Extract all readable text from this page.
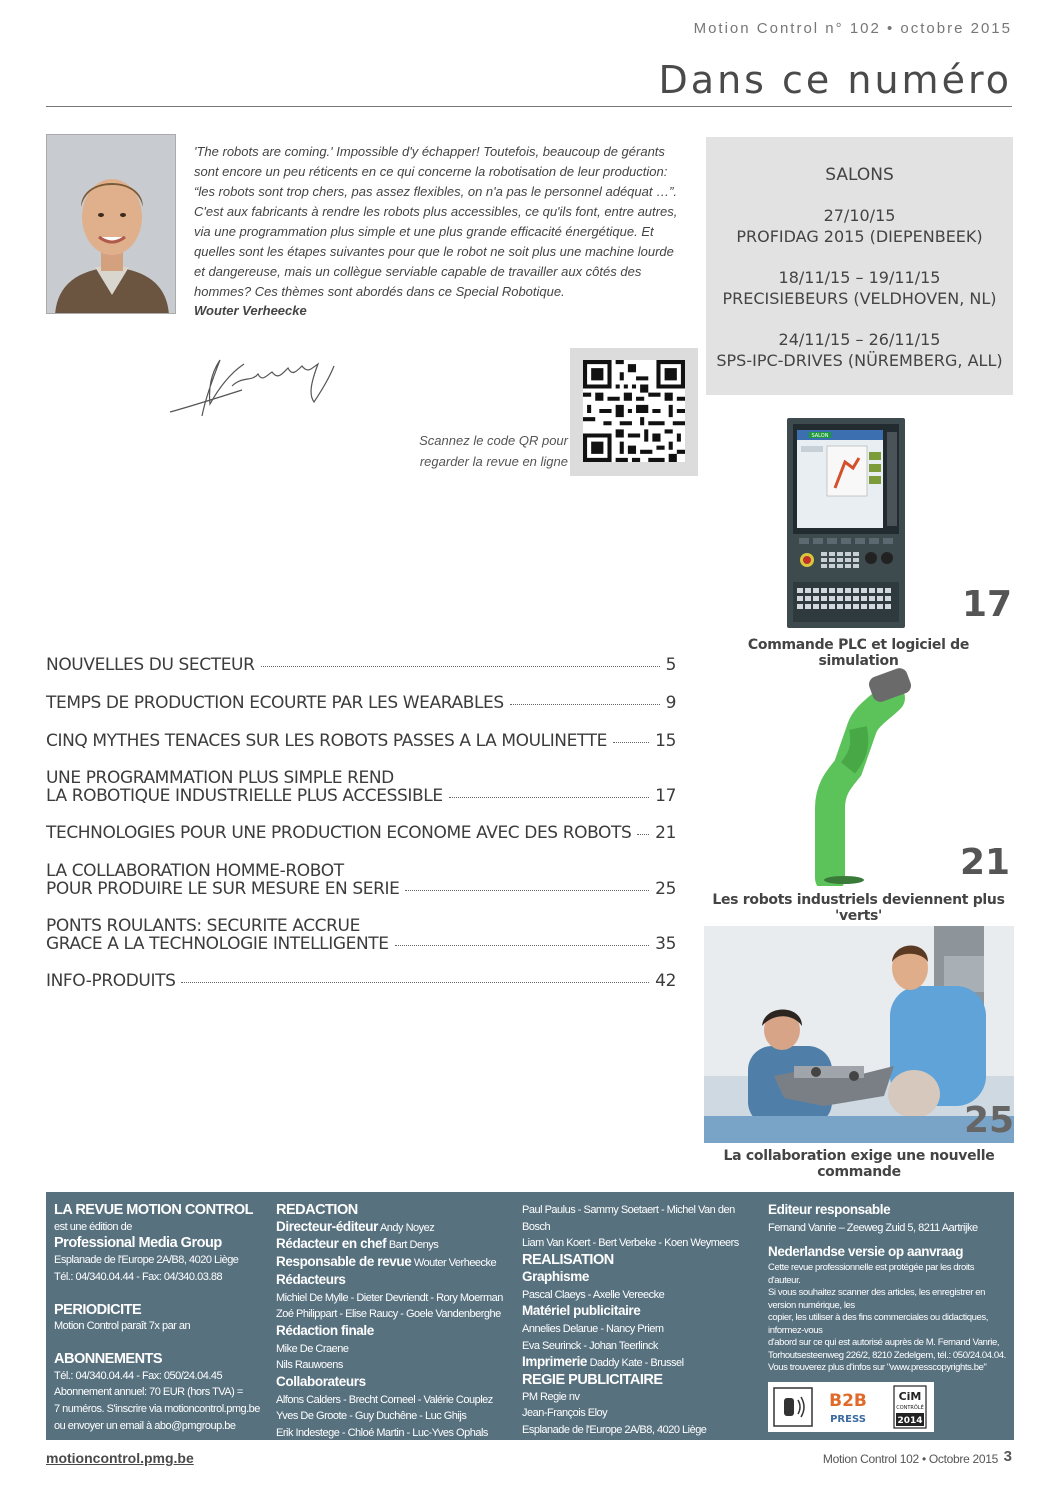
Motion Control n° 102 • octobre 2015
Dans ce numéro

'The robots are coming.' Impossible d'y échapper! Toutefois, beaucoup de gérants sont encore un peu réticents en ce qui concerne la robotisation de leur production: “les robots sont trop chers, pas assez flexibles, on n'a pas le personnel adéquat …”. C'est aux fabricants à rendre les robots plus accessibles, ce qu'ils font, entre autres, via une programmation plus simple et une plus grande efficacité énergétique. Et quelles sont les étapes suivantes pour que le robot ne soit plus une machine lourde et dangereuse, mais un collègue serviable capable de travailler aux côtés des hommes? Ces thèmes sont abordés dans ce Special Robotique.

Wouter Verheecke
Scannez le code QR pour
regarder la revue en ligne
SALONS
27/10/15
PROFIDAG 2015 (DIEPENBEEK)
18/11/15 – 19/11/15
PRECISIEBEURS (VELDHOVEN, NL)
24/11/15 – 26/11/15
SPS-IPC-DRIVES (NÜREMBERG, ALL)
SALON
17
Commande PLC et logiciel de simulation
21
Les robots industriels deviennent plus 'verts'
25
La collaboration exige une nouvelle commande
NOUVELLES DU SECTEUR	5
TEMPS DE PRODUCTION ECOURTE PAR LES WEARABLES	9
CINQ MYTHES TENACES SUR LES ROBOTS PASSES A LA MOULINETTE	15
UNE PROGRAMMATION PLUS SIMPLE REND
LA ROBOTIQUE INDUSTRIELLE PLUS ACCESSIBLE	17
TECHNOLOGIES POUR UNE PRODUCTION ECONOME AVEC DES ROBOTS 21
LA COLLABORATION HOMME-ROBOT
POUR PRODUIRE LE SUR MESURE EN SERIE	25
PONTS ROULANTS: SECURITE ACCRUE
GRACE A LA TECHNOLOGIE INTELLIGENTE	35
INFO-PRODUITS	42
LA REVUE MOTION CONTROL
est une édition de
Professional Media Group
Esplanade de l'Europe 2A/B8, 4020 Liège
Tél.: 04/340.04.44 - Fax: 04/340.03.88
PERIODICITE
Motion Control paraît 7x par an
ABONNEMENTS
Tél.: 04/340.04.44 - Fax: 050/24.04.45
Abonnement annuel: 70 EUR (hors TVA) =
7 numéros. S'inscrire via motioncontrol.pmg.be
ou envoyer un email à abo@pmgroup.be
REDACTION
Directeur-éditeur Andy Noyez
Rédacteur en chef Bart Denys
Responsable de revue Wouter Verheecke
Rédacteurs
Michiel De Mylle - Dieter Devriendt - Rory Moerman
Zoé Philippart - Elise Raucy - Goele Vandenberghe
Rédaction finale
Mike De Craene
Nils Rauwoens
Collaborateurs
Alfons Calders - Brecht Corneel - Valérie Couplez
Yves De Groote - Guy Duchêne - Luc Ghijs
Erik Indestege - Chloé Martin - Luc-Yves Ophals
Paul Paulus - Sammy Soetaert - Michel Van den Bosch
Liam Van Koert - Bert Verbeke - Koen Weymeers
REALISATION
Graphisme
Pascal Claeys - Axelle Vereecke
Matériel publicitaire
Annelies Delarue - Nancy Priem
Eva Seurinck - Johan Teerlinck
Imprimerie Daddy Kate - Brussel
REGIE PUBLICITAIRE
PM Regie nv
Jean-François Eloy
Esplanade de l'Europe 2A/B8, 4020 Liège
Tél.: 04/340.04.44 – Fax: 04/340.03.88
Editeur responsable
Fernand Vanrie – Zeeweg Zuid 5, 8211 Aartrijke
Nederlandse versie op aanvraag
Cette revue professionnelle est protégée par les droits d'auteur.
Si vous souhaitez scanner des articles, les enregistrer en version numérique, les
copier, les utiliser à des fins commerciales ou didactiques, informez-vous
d'abord sur ce qui est autorisé auprès de M. Fernand Vanrie,
Torhoutsesteenweg 226/2, 8210 Zedelgem, tél.: 050/24.04.04.
Vous trouverez plus d'infos sur "www.presscopyrights.be"
B2B
PRESS
CiM
CONTRÔLÉ
2014
motioncontrol.pmg.be	Motion Control 102 • Octobre 2015 3
